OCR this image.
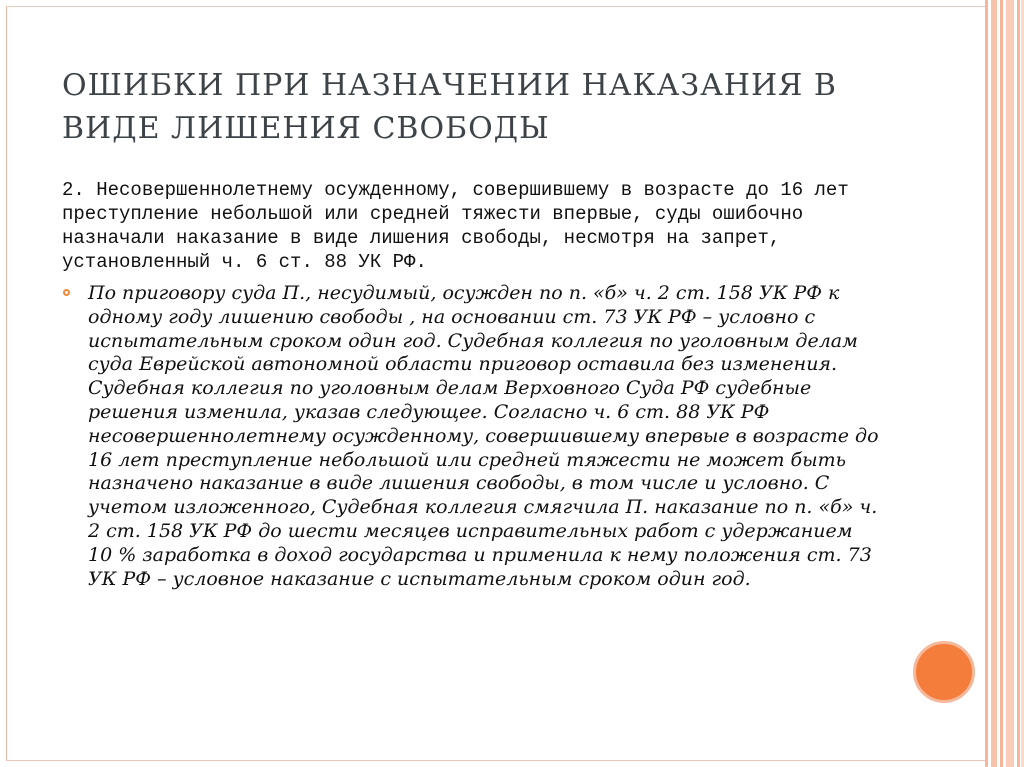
ОШИБКИ ПРИ НАЗНАЧЕНИИ НАКАЗАНИЯ В
ВИДЕ ЛИШЕНИЯ СВОБОДЫ

2. Несовершеннолетнему осужденному, совершившему в возрасте до 16 лет преступление небольшой или средней тяжести впервые, суды ошибочно назначали наказание в виде лишения свободы, несмотря на запрет, установленный ч. 6 ст. 88 УК РФ.

По приговору суда П., несудимый, осужден по п. «б» ч. 2 ст. 158 УК РФ к одному году лишению свободы , на основании ст. 73 УК РФ – условно с испытательным сроком один год. Судебная коллегия по уголовным делам суда Еврейской автономной области приговор оставила без изменения. Судебная коллегия по уголовным делам Верховного Суда РФ судебные решения изменила, указав следующее. Согласно ч. 6 ст. 88 УК РФ несовершеннолетнему осужденному, совершившему впервые в возрасте до 16 лет преступление небольшой или средней тяжести не может быть назначено наказание в виде лишения свободы, в том числе и условно. С учетом изложенного, Судебная коллегия смягчила П. наказание по п. «б» ч. 2 ст. 158 УК РФ до шести месяцев исправительных работ с удержанием 10 % заработка в доход государства и применила к нему положения ст. 73 УК РФ – условное наказание с испытательным сроком один год.
